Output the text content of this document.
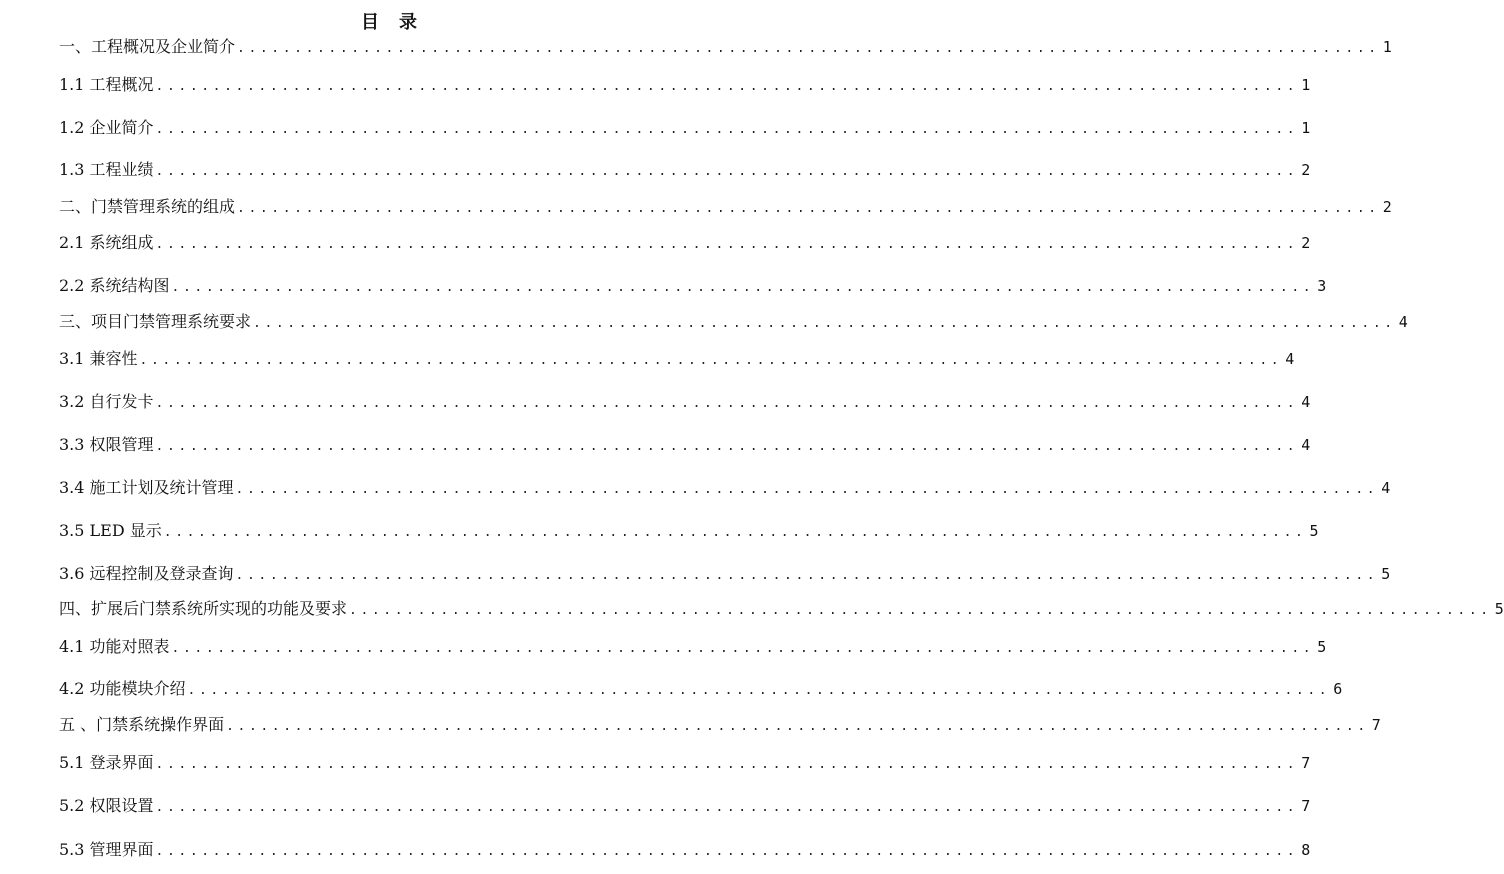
目　录
一、工程概况及企业简介 .................................................................................................... 1
1.1 工程概况 .................................................................................................... 1
1.2 企业简介 .................................................................................................... 1
1.3 工程业绩 .................................................................................................... 2
二、门禁管理系统的组成 .................................................................................................... 2
2.1 系统组成 .................................................................................................... 2
2.2 系统结构图 .................................................................................................... 3
三、项目门禁管理系统要求 .................................................................................................... 4
3.1 兼容性 .................................................................................................... 4
3.2 自行发卡 .................................................................................................... 4
3.3 权限管理 .................................................................................................... 4
3.4 施工计划及统计管理 .................................................................................................... 4
3.5 LED 显示 .................................................................................................... 5
3.6 远程控制及登录查询 .................................................................................................... 5
四、扩展后门禁系统所实现的功能及要求 .................................................................................................... 5
4.1 功能对照表 .................................................................................................... 5
4.2 功能模块介绍 .................................................................................................... 6
五 、门禁系统操作界面 .................................................................................................... 7
5.1 登录界面 .................................................................................................... 7
5.2 权限设置 .................................................................................................... 7
5.3 管理界面 .................................................................................................... 8
